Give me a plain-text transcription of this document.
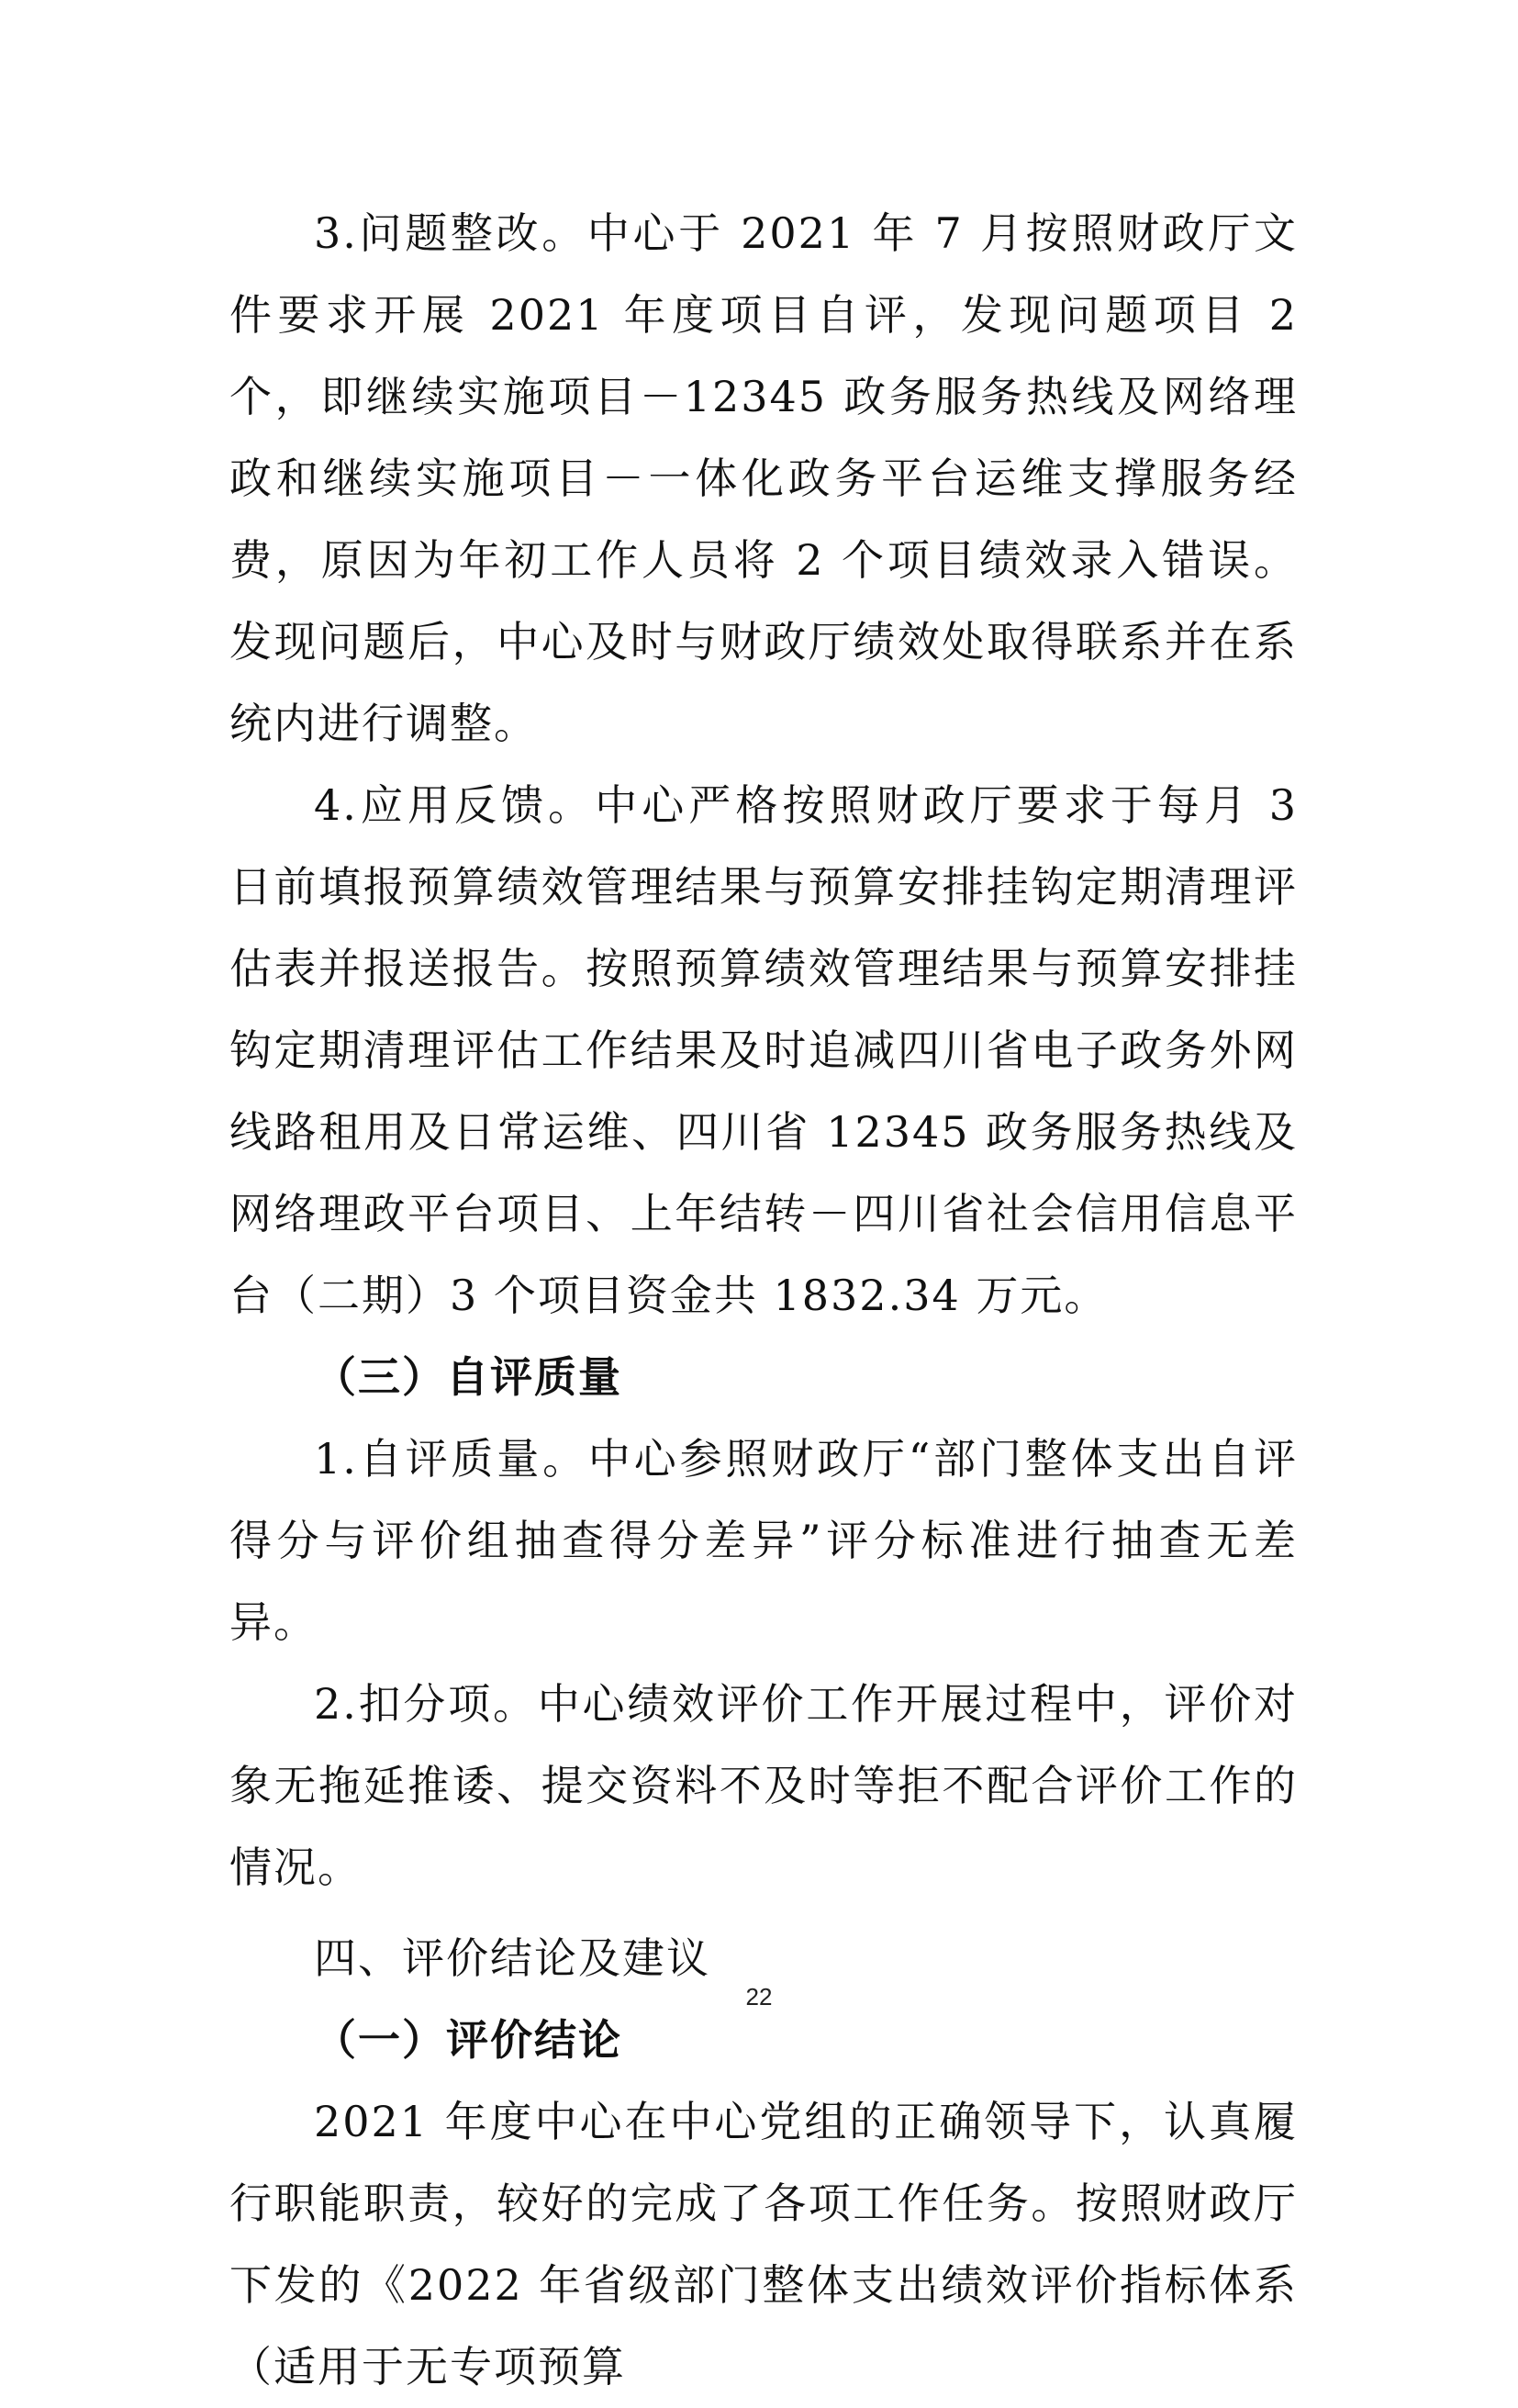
3.问题整改。中心于 2021 年 7 月按照财政厅文件要求开展 2021 年度项目自评，发现问题项目 2 个，即继续实施项目－12345 政务服务热线及网络理政和继续实施项目－一体化政务平台运维支撑服务经费，原因为年初工作人员将 2 个项目绩效录入错误。发现问题后，中心及时与财政厅绩效处取得联系并在系统内进行调整。

4.应用反馈。中心严格按照财政厅要求于每月 3 日前填报预算绩效管理结果与预算安排挂钩定期清理评估表并报送报告。按照预算绩效管理结果与预算安排挂钩定期清理评估工作结果及时追减四川省电子政务外网线路租用及日常运维、四川省 12345 政务服务热线及网络理政平台项目、上年结转－四川省社会信用信息平台（二期）3 个项目资金共 1832.34 万元。

（三）自评质量

1.自评质量。中心参照财政厅“部门整体支出自评得分与评价组抽查得分差异”评分标准进行抽查无差异。

2.扣分项。中心绩效评价工作开展过程中，评价对象无拖延推诿、提交资料不及时等拒不配合评价工作的情况。

四、评价结论及建议

（一）评价结论

2021 年度中心在中心党组的正确领导下，认真履行职能职责，较好的完成了各项工作任务。按照财政厅下发的《2022 年省级部门整体支出绩效评价指标体系（适用于无专项预算

22
